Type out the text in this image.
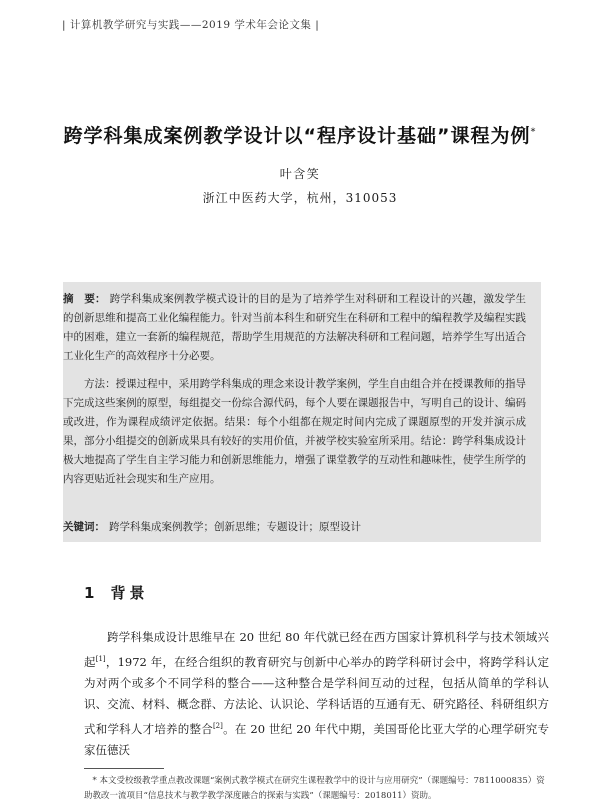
| 计算机教学研究与实践——2019 学术年会论文集 |
跨学科集成案例教学设计以“程序设计基础”课程为例*
叶含笑
浙江中医药大学，杭州，310053
摘　要： 跨学科集成案例教学模式设计的目的是为了培养学生对科研和工程设计的兴趣，激发学生的创新思维和提高工业化编程能力。针对当前本科生和研究生在科研和工程中的编程教学及编程实践中的困难，建立一套新的编程规范，帮助学生用规范的方法解决科研和工程问题，培养学生写出适合工业化生产的高效程序十分必要。
方法：授课过程中，采用跨学科集成的理念来设计教学案例，学生自由组合并在授课教师的指导下完成这些案例的原型，每组提交一份综合源代码，每个人要在课题报告中，写明自己的设计、编码或改进，作为课程成绩评定依据。结果：每个小组都在规定时间内完成了课题原型的开发并演示成果，部分小组提交的创新成果具有较好的实用价值，并被学校实验室所采用。结论：跨学科集成设计极大地提高了学生自主学习能力和创新思维能力，增强了课堂教学的互动性和趣味性，使学生所学的内容更贴近社会现实和生产应用。
关键词： 跨学科集成案例教学；创新思维；专题设计；原型设计
1 背景
跨学科集成设计思维早在 20 世纪 80 年代就已经在西方国家计算机科学与技术领域兴起[1]，1972 年，在经合组织的教育研究与创新中心举办的跨学科研讨会中，将跨学科认定为对两个或多个不同学科的整合——这种整合是学科间互动的过程，包括从简单的学科认识、交流、材料、概念群、方法论、认识论、学科话语的互通有无、研究路径、科研组织方式和学科人才培养的整合[2]。在 20 世纪 20 年代中期，美国哥伦比亚大学的心理学研究专家伍德沃
* 本文受校级教学重点教改课题“案例式教学模式在研究生课程教学中的设计与应用研究”（课题编号：7811000835）资助教改一流项目“信息技术与教学教学深度融合的探索与实践”（课题编号：2018011）资助。
